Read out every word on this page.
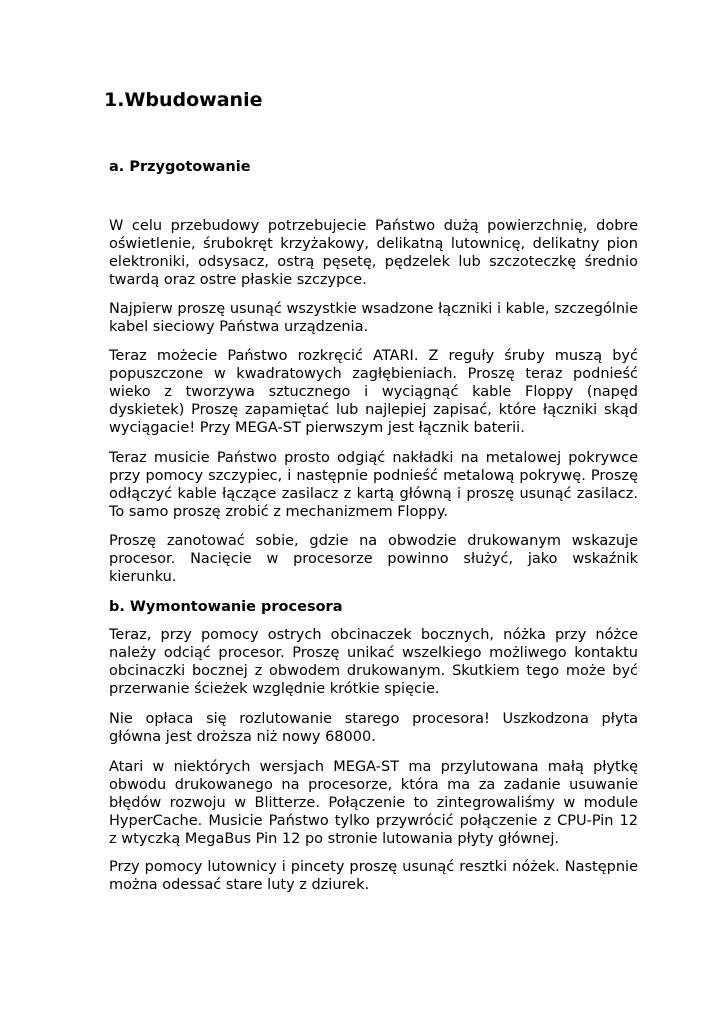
1.Wbudowanie
a. Przygotowanie

W celu przebudowy potrzebujecie Państwo dużą powierzchnię, dobre oświetlenie, śrubokręt krzyżakowy, delikatną lutownicę, delikatny pion elektroniki, odsysacz, ostrą pęsetę, pędzelek lub szczoteczkę średnio twardą oraz ostre płaskie szczypce.

Najpierw proszę usunąć wszystkie wsadzone łączniki i kable, szczególnie kabel sieciowy Państwa urządzenia.

Teraz możecie Państwo rozkręcić ATARI. Z reguły śruby muszą być popuszczone w kwadratowych zagłębieniach. Proszę teraz podnieść wieko z tworzywa sztucznego i wyciągnąć kable Floppy (napęd dyskietek) Proszę zapamiętać lub najlepiej zapisać, które łączniki skąd wyciągacie! Przy MEGA-ST pierwszym jest łącznik baterii.

Teraz musicie Państwo prosto odgiąć nakładki na metalowej pokrywce przy pomocy szczypiec, i następnie podnieść metalową pokrywę. Proszę odłączyć kable łączące zasilacz z kartą główną i proszę usunąć zasilacz. To samo proszę zrobić z mechanizmem Floppy.

Proszę zanotować sobie, gdzie na obwodzie drukowanym wskazuje procesor. Nacięcie w procesorze powinno służyć, jako wskaźnik kierunku.

b. Wymontowanie procesora

Teraz, przy pomocy ostrych obcinaczek bocznych, nóżka przy nóżce należy odciąć procesor. Proszę unikać wszelkiego możliwego kontaktu obcinaczki bocznej z obwodem drukowanym. Skutkiem tego może być przerwanie ścieżek względnie krótkie spięcie.

Nie opłaca się rozlutowanie starego procesora! Uszkodzona płyta główna jest droższa niż nowy 68000.

Atari w niektórych wersjach MEGA-ST ma przylutowana małą płytkę obwodu drukowanego na procesorze, która ma za zadanie usuwanie błędów rozwoju w Blitterze. Połączenie to zintegrowaliśmy w module HyperCache. Musicie Państwo tylko przywrócić połączenie z CPU-Pin 12 z wtyczką MegaBus Pin 12 po stronie lutowania płyty głównej.

Przy pomocy lutownicy i pincety proszę usunąć resztki nóżek. Następnie można odessać stare luty z dziurek.
